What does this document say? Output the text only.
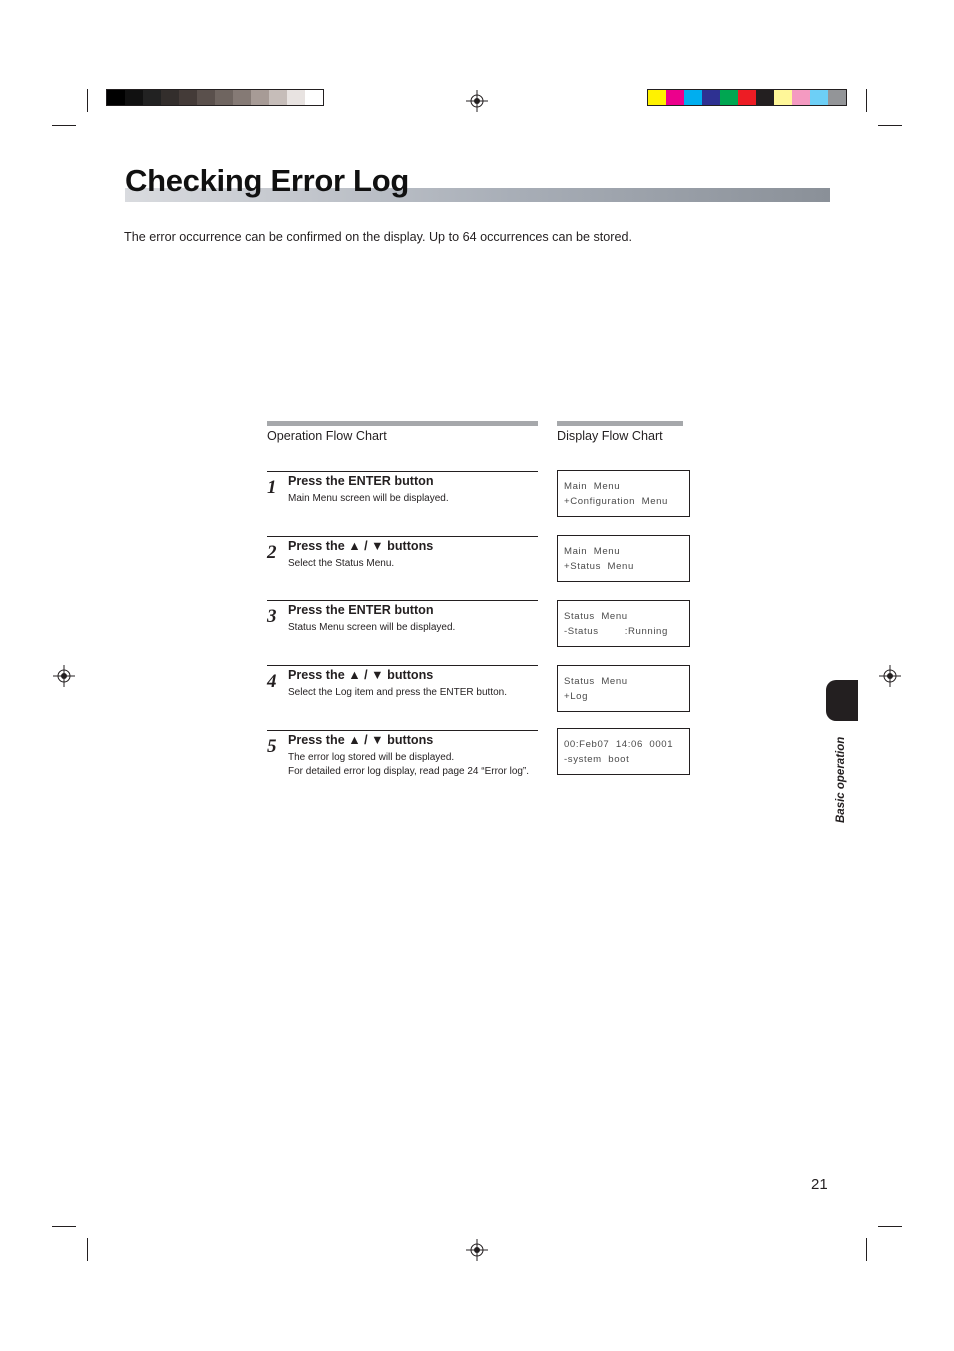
Checking Error Log

The error occurrence can be confirmed on the display. Up to 64 occurrences can be stored.

Operation Flow Chart	Display Flow Chart
1 Press the ENTER button
Main Menu screen will be displayed.
2 Press the ▲ / ▼ buttons
Select the Status Menu.
3 Press the ENTER button
Status Menu screen will be displayed.
4 Press the ▲ / ▼ buttons
Select the Log item and press the ENTER button.
5 Press the ▲ / ▼ buttons
The error log stored will be displayed.
For detailed error log display, read page 24 “Error log”.
Main  Menu
+Configuration  Menu
Main  Menu
+Status  Menu
Status  Menu
-Status        :Running
Status  Menu
+Log
00:Feb07  14:06  0001
-system  boot	Basic operation
21
